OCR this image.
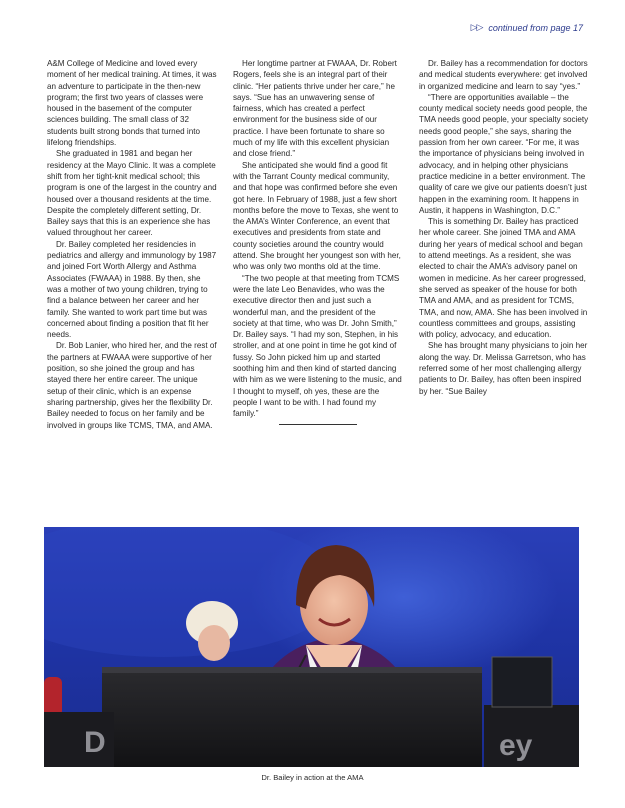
▷▷ continued from page 17

A&M College of Medicine and loved every moment of her medical training. At times, it was an adventure to participate in the then-new program; the first two years of classes were housed in the basement of the computer sciences building. The small class of 32 students built strong bonds that turned into lifelong friendships.

She graduated in 1981 and began her residency at the Mayo Clinic. It was a complete shift from her tight-knit medical school; this program is one of the largest in the country and housed over a thousand residents at the time. Despite the completely different setting, Dr. Bailey says that this is an experience she has valued throughout her career.

Dr. Bailey completed her residencies in pediatrics and allergy and immunology by 1987 and joined Fort Worth Allergy and Asthma Associates (FWAAA) in 1988. By then, she was a mother of two young children, trying to find a balance between her career and her family. She wanted to work part time but was concerned about finding a position that fit her needs.

Dr. Bob Lanier, who hired her, and the rest of the partners at FWAAA were supportive of her position, so she joined the group and has stayed there her entire career. The unique setup of their clinic, which is an expense sharing partnership, gives her the flexibility Dr. Bailey needed to focus on her family and be involved in groups like TCMS, TMA, and AMA.

Her longtime partner at FWAAA, Dr. Robert Rogers, feels she is an integral part of their clinic. “Her patients thrive under her care,” he says. “Sue has an unwavering sense of fairness, which has created a perfect environment for the business side of our practice. I have been fortunate to share so much of my life with this excellent physician and close friend.”

She anticipated she would find a good fit with the Tarrant County medical community, and that hope was confirmed before she even got here. In February of 1988, just a few short months before the move to Texas, she went to the AMA’s Winter Conference, an event that executives and presidents from state and county societies around the country would attend. She brought her youngest son with her, who was only two months old at the time.

“The two people at that meeting from TCMS were the late Leo Benavides, who was the executive director then and just such a wonderful man, and the president of the society at that time, who was Dr. John Smith,” Dr. Bailey says. “I had my son, Stephen, in his stroller, and at one point in time he got kind of fussy. So John picked him up and started soothing him and then kind of started dancing with him as we were listening to the music, and I thought to myself, oh yes, these are the people I want to be with. I had found my family.”

Dr. Bailey has a recommendation for doctors and medical students everywhere: get involved in organized medicine and learn to say “yes.”

“There are opportunities available – the county medical society needs good people, the TMA needs good people, your specialty society needs good people,” she says, sharing the passion from her own career. “For me, it was the importance of physicians being involved in advocacy, and in helping other physicians practice medicine in a better environment. The quality of care we give our patients doesn’t just happen in the examining room. It happens in Austin, it happens in Washington, D.C.”

This is something Dr. Bailey has practiced her whole career. She joined TMA and AMA during her years of medical school and began to attend meetings. As a resident, she was elected to chair the AMA’s advisory panel on women in medicine. As her career progressed, she served as speaker of the house for both TMA and AMA, and as president for TCMS, TMA, and now, AMA. She has been involved in countless committees and groups, assisting with policy, advocacy, and education.

She has brought many physicians to join her along the way. Dr. Melissa Garretson, who has referred some of her most challenging allergy patients to Dr. Bailey, has often been inspired by her. “Sue Bailey

D	ey
Dr. Bailey in action at the AMA
